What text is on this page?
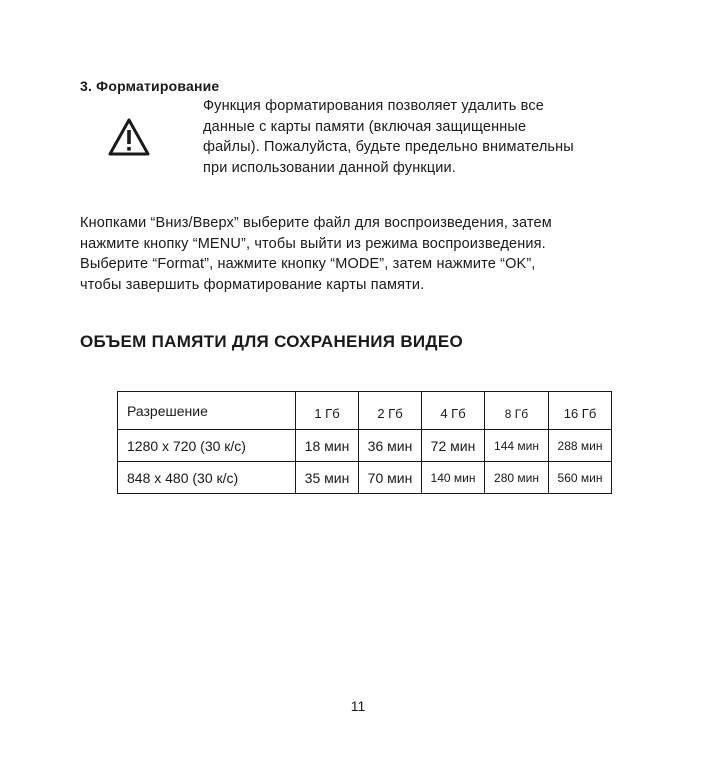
3. Форматирование
Функция форматирования позволяет удалить все
данные с карты памяти (включая защищенные
файлы). Пожалуйста, будьте предельно внимательны
при использовании данной функции.
Кнопками “Вниз/Вверх” выберите файл для воспроизведения, затем
нажмите кнопку “MENU”, чтобы выйти из режима воспроизведения.
Выберите “Format”, нажмите кнопку “MODE”, затем нажмите “OK”,
чтобы завершить форматирование карты памяти.
ОБЪЕМ ПАМЯТИ ДЛЯ СОХРАНЕНИЯ ВИДЕО
Разрешение	1 Гб	2 Гб	4 Гб	8 Гб	16 Гб
1280 x 720 (30 к/с)	18 мин	36 мин	72 мин	144 мин	288 мин
848 x 480 (30 к/с)	35 мин	70 мин	140 мин	280 мин	560 мин
11
